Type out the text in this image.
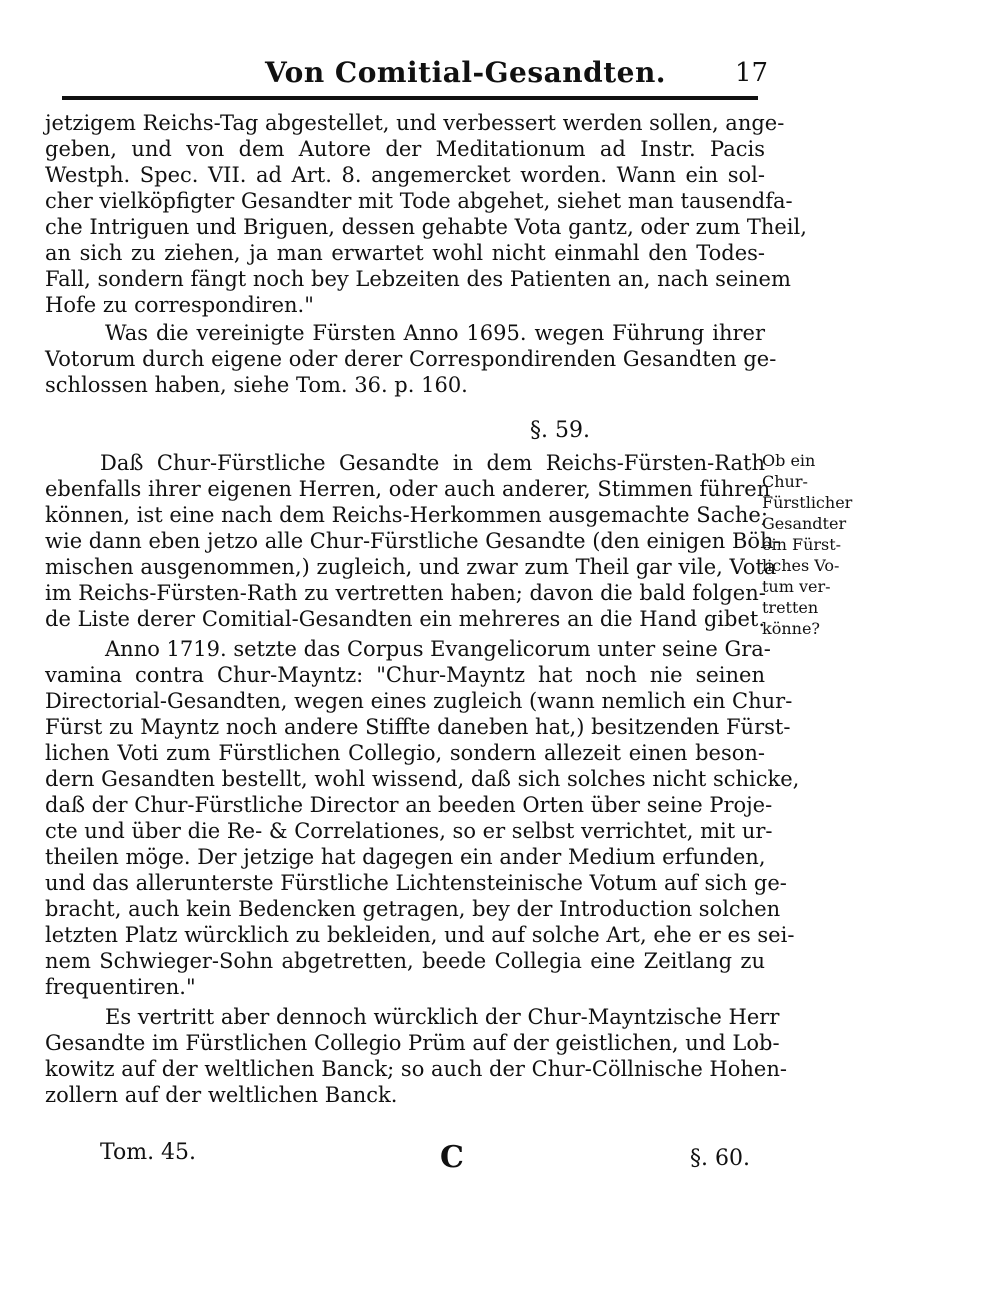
Von Comitial-Gesandten.	17
jetzigem Reichs-Tag abgestellet, und verbessert werden sollen, ange-
geben, und von dem Autore der Meditationum ad Instr. Pacis
Westph. Spec. VII. ad Art. 8. angemercket worden. Wann ein sol-
cher vielköpfigter Gesandter mit Tode abgehet, siehet man tausendfa-
che Intriguen und Briguen, dessen gehabte Vota gantz, oder zum Theil,
an sich zu ziehen, ja man erwartet wohl nicht einmahl den Todes-
Fall, sondern fängt noch bey Lebzeiten des Patienten an, nach seinem
Hofe zu correspondiren."
Was die vereinigte Fürsten Anno 1695. wegen Führung ihrer
Votorum durch eigene oder derer Correspondirenden Gesandten ge-
schlossen haben, siehe Tom. 36. p. 160.
§. 59.
Daß Chur-Fürstliche Gesandte in dem Reichs-Fürsten-Rath
ebenfalls ihrer eigenen Herren, oder auch anderer, Stimmen führen
können, ist eine nach dem Reichs-Herkommen ausgemachte Sache;
wie dann eben jetzo alle Chur-Fürstliche Gesandte (den einigen Böh-
mischen ausgenommen,) zugleich, und zwar zum Theil gar vile, Vota
im Reichs-Fürsten-Rath zu vertretten haben; davon die bald folgen-
de Liste derer Comitial-Gesandten ein mehreres an die Hand gibet.
Anno 1719. setzte das Corpus Evangelicorum unter seine Gra-
vamina contra Chur-Mayntz: "Chur-Mayntz hat noch nie seinen
Directorial-Gesandten, wegen eines zugleich (wann nemlich ein Chur-
Fürst zu Mayntz noch andere Stiffte daneben hat,) besitzenden Fürst-
lichen Voti zum Fürstlichen Collegio, sondern allezeit einen beson-
dern Gesandten bestellt, wohl wissend, daß sich solches nicht schicke,
daß der Chur-Fürstliche Director an beeden Orten über seine Proje-
cte und über die Re- & Correlationes, so er selbst verrichtet, mit ur-
theilen möge. Der jetzige hat dagegen ein ander Medium erfunden,
und das allerunterste Fürstliche Lichtensteinische Votum auf sich ge-
bracht, auch kein Bedencken getragen, bey der Introduction solchen
letzten Platz würcklich zu bekleiden, und auf solche Art, ehe er es sei-
nem Schwieger-Sohn abgetretten, beede Collegia eine Zeitlang zu
frequentiren."
Es vertritt aber dennoch würcklich der Chur-Mayntzische Herr
Gesandte im Fürstlichen Collegio Prüm auf der geistlichen, und Lob-
kowitz auf der weltlichen Banck; so auch der Chur-Cöllnische Hohen-
zollern auf der weltlichen Banck.
Ob ein
Chur-
Fürstlicher
Gesandter
ein Fürst-
liches Vo-
tum ver-
tretten
könne?
Tom. 45.	C	§. 60.
